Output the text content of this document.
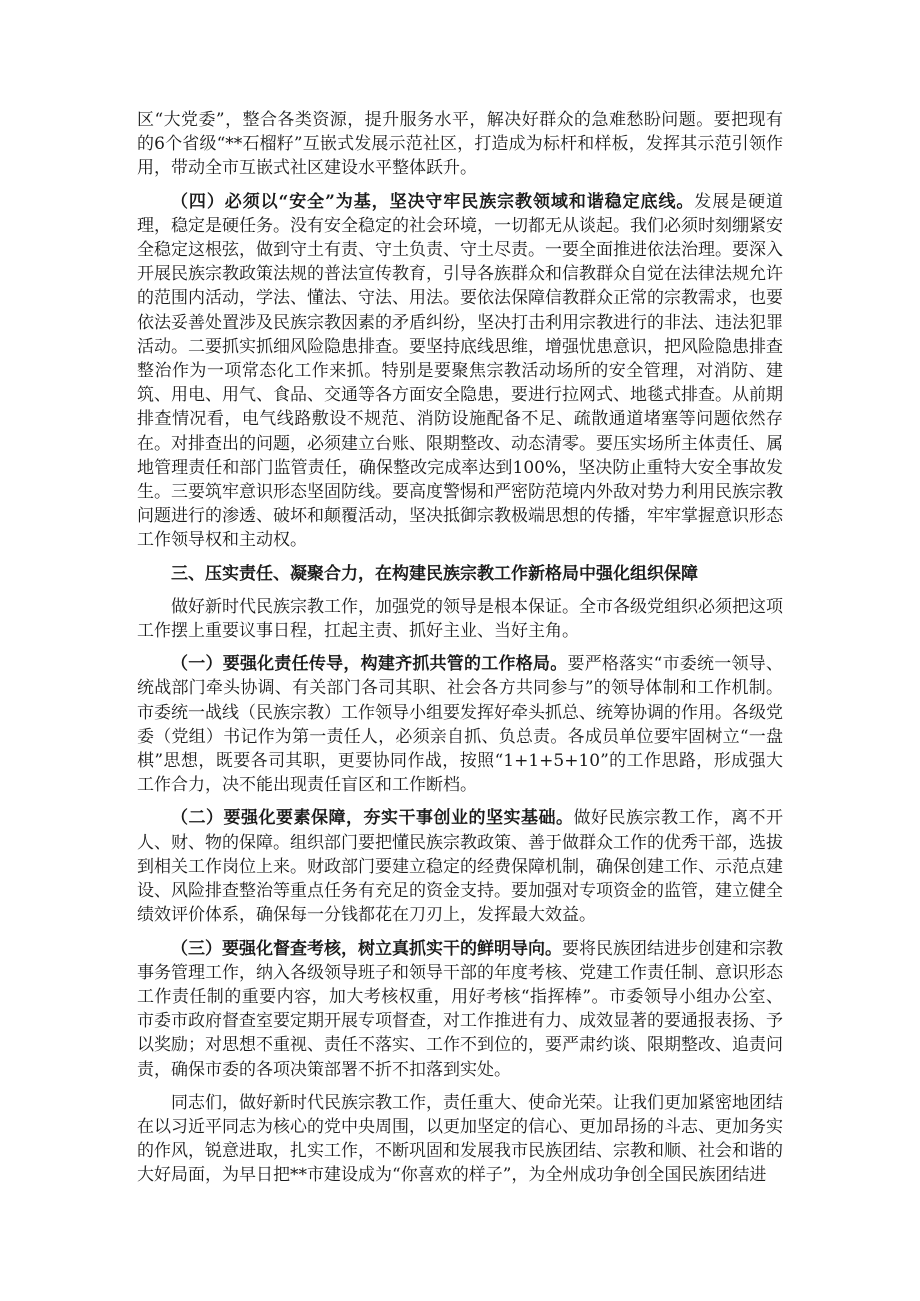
区“大党委”，整合各类资源，提升服务水平，解决好群众的急难愁盼问题。要把现有的6个省级“**石榴籽”互嵌式发展示范社区，打造成为标杆和样板，发挥其示范引领作用，带动全市互嵌式社区建设水平整体跃升。

（四）必须以“安全”为基，坚决守牢民族宗教领域和谐稳定底线。发展是硬道理，稳定是硬任务。没有安全稳定的社会环境，一切都无从谈起。我们必须时刻绷紧安全稳定这根弦，做到守土有责、守土负责、守土尽责。一要全面推进依法治理。要深入开展民族宗教政策法规的普法宣传教育，引导各族群众和信教群众自觉在法律法规允许的范围内活动，学法、懂法、守法、用法。要依法保障信教群众正常的宗教需求，也要依法妥善处置涉及民族宗教因素的矛盾纠纷，坚决打击利用宗教进行的非法、违法犯罪活动。二要抓实抓细风险隐患排查。要坚持底线思维，增强忧患意识，把风险隐患排查整治作为一项常态化工作来抓。特别是要聚焦宗教活动场所的安全管理，对消防、建筑、用电、用气、食品、交通等各方面安全隐患，要进行拉网式、地毯式排查。从前期排查情况看，电气线路敷设不规范、消防设施配备不足、疏散通道堵塞等问题依然存在。对排查出的问题，必须建立台账、限期整改、动态清零。要压实场所主体责任、属地管理责任和部门监管责任，确保整改完成率达到100%，坚决防止重特大安全事故发生。三要筑牢意识形态坚固防线。要高度警惕和严密防范境内外敌对势力利用民族宗教问题进行的渗透、破坏和颠覆活动，坚决抵御宗教极端思想的传播，牢牢掌握意识形态工作领导权和主动权。

三、压实责任、凝聚合力，在构建民族宗教工作新格局中强化组织保障

做好新时代民族宗教工作，加强党的领导是根本保证。全市各级党组织必须把这项工作摆上重要议事日程，扛起主责、抓好主业、当好主角。

（一）要强化责任传导，构建齐抓共管的工作格局。要严格落实“市委统一领导、统战部门牵头协调、有关部门各司其职、社会各方共同参与”的领导体制和工作机制。市委统一战线（民族宗教）工作领导小组要发挥好牵头抓总、统筹协调的作用。各级党委（党组）书记作为第一责任人，必须亲自抓、负总责。各成员单位要牢固树立“一盘棋”思想，既要各司其职，更要协同作战，按照“1+1+5+10”的工作思路，形成强大工作合力，决不能出现责任盲区和工作断档。

（二）要强化要素保障，夯实干事创业的坚实基础。做好民族宗教工作，离不开人、财、物的保障。组织部门要把懂民族宗教政策、善于做群众工作的优秀干部，选拔到相关工作岗位上来。财政部门要建立稳定的经费保障机制，确保创建工作、示范点建设、风险排查整治等重点任务有充足的资金支持。要加强对专项资金的监管，建立健全绩效评价体系，确保每一分钱都花在刀刃上，发挥最大效益。

（三）要强化督查考核，树立真抓实干的鲜明导向。要将民族团结进步创建和宗教事务管理工作，纳入各级领导班子和领导干部的年度考核、党建工作责任制、意识形态工作责任制的重要内容，加大考核权重，用好考核“指挥棒”。市委领导小组办公室、市委市政府督查室要定期开展专项督查，对工作推进有力、成效显著的要通报表扬、予以奖励；对思想不重视、责任不落实、工作不到位的，要严肃约谈、限期整改、追责问责，确保市委的各项决策部署不折不扣落到实处。

同志们，做好新时代民族宗教工作，责任重大、使命光荣。让我们更加紧密地团结在以习近平同志为核心的党中央周围，以更加坚定的信心、更加昂扬的斗志、更加务实的作风，锐意进取，扎实工作，不断巩固和发展我市民族团结、宗教和顺、社会和谐的大好局面，为早日把**市建设成为“你喜欢的样子”，为全州成功争创全国民族团结进
